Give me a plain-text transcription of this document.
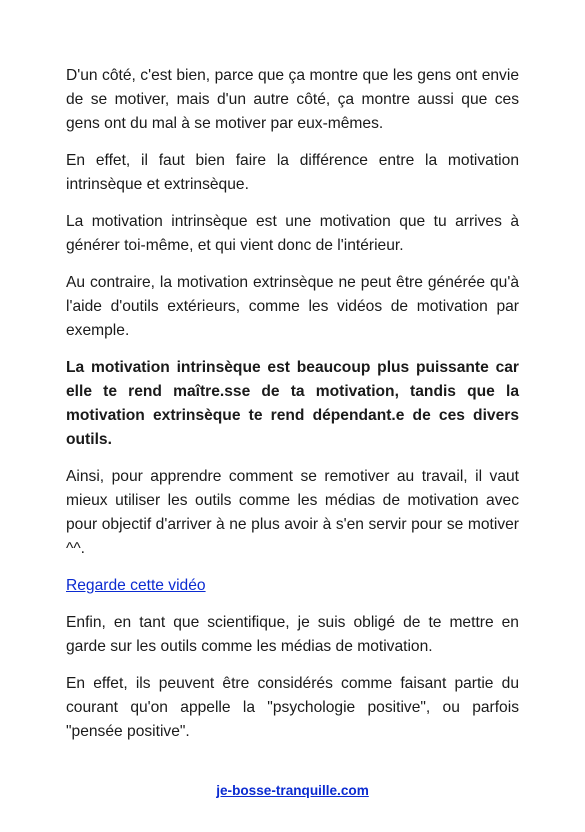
D'un côté, c'est bien, parce que ça montre que les gens ont envie de se motiver, mais d'un autre côté, ça montre aussi que ces gens ont du mal à se motiver par eux-mêmes.

En effet, il faut bien faire la différence entre la motivation intrinsèque et extrinsèque.

La motivation intrinsèque est une motivation que tu arrives à générer toi-même, et qui vient donc de l'intérieur.

Au contraire, la motivation extrinsèque ne peut être générée qu'à l'aide d'outils extérieurs, comme les vidéos de motivation par exemple.

La motivation intrinsèque est beaucoup plus puissante car elle te rend maître.sse de ta motivation, tandis que la motivation extrinsèque te rend dépendant.e de ces divers outils.

Ainsi, pour apprendre comment se remotiver au travail, il vaut mieux utiliser les outils comme les médias de motivation avec pour objectif d'arriver à ne plus avoir à s'en servir pour se motiver ^^.

Regarde cette vidéo

Enfin, en tant que scientifique, je suis obligé de te mettre en garde sur les outils comme les médias de motivation.

En effet, ils peuvent être considérés comme faisant partie du courant qu'on appelle la "psychologie positive", ou parfois "pensée positive".

je-bosse-tranquille.com
